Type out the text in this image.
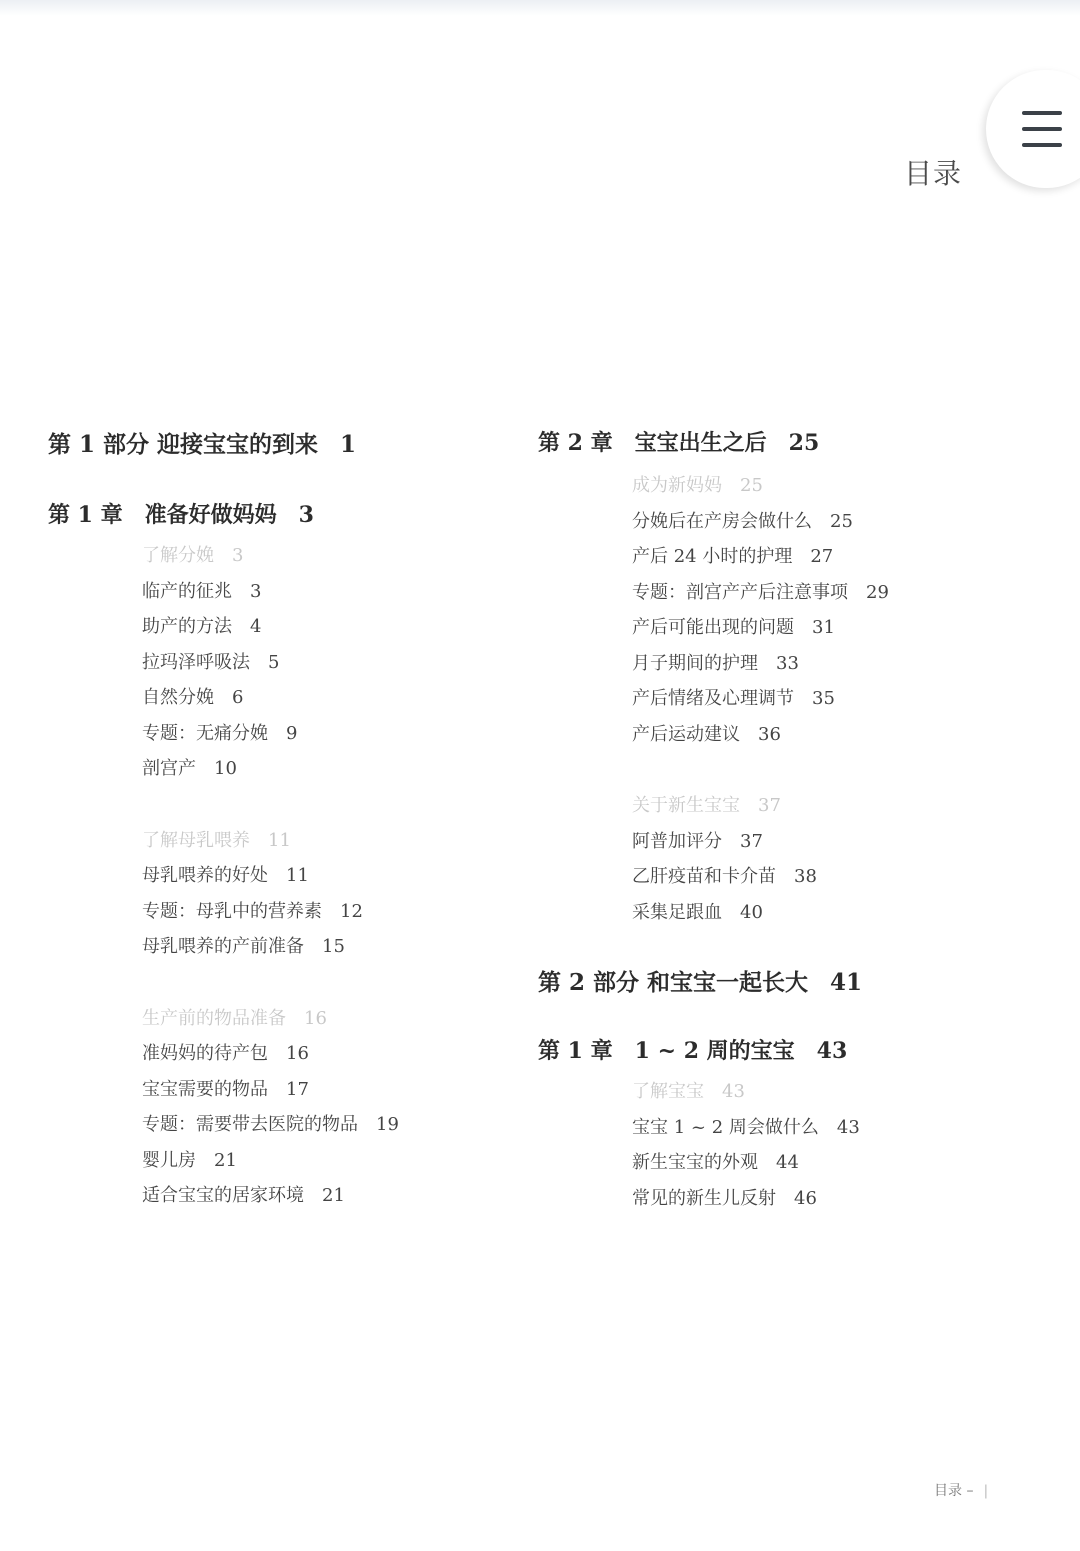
目录
第 1 部分 迎接宝宝的到来 1
第 1 章 准备好做妈妈 3
了解分娩 3
临产的征兆 3
助产的方法 4
拉玛泽呼吸法 5
自然分娩 6
专题：无痛分娩 9
剖宫产 10
了解母乳喂养 11
母乳喂养的好处 11
专题：母乳中的营养素 12
母乳喂养的产前准备 15
生产前的物品准备 16
准妈妈的待产包 16
宝宝需要的物品 17
专题：需要带去医院的物品 19
婴儿房 21
适合宝宝的居家环境 21
第 2 章 宝宝出生之后 25
成为新妈妈 25
分娩后在产房会做什么 25
产后 24 小时的护理 27
专题：剖宫产产后注意事项 29
产后可能出现的问题 31
月子期间的护理 33
产后情绪及心理调节 35
产后运动建议 36
关于新生宝宝 37
阿普加评分 37
乙肝疫苗和卡介苗 38
采集足跟血 40
第 2 部分 和宝宝一起长大 41
第 1 章 1 ~ 2 周的宝宝 43
了解宝宝 43
宝宝 1 ~ 2 周会做什么 43
新生宝宝的外观 44
常见的新生儿反射 46
目录 – |
